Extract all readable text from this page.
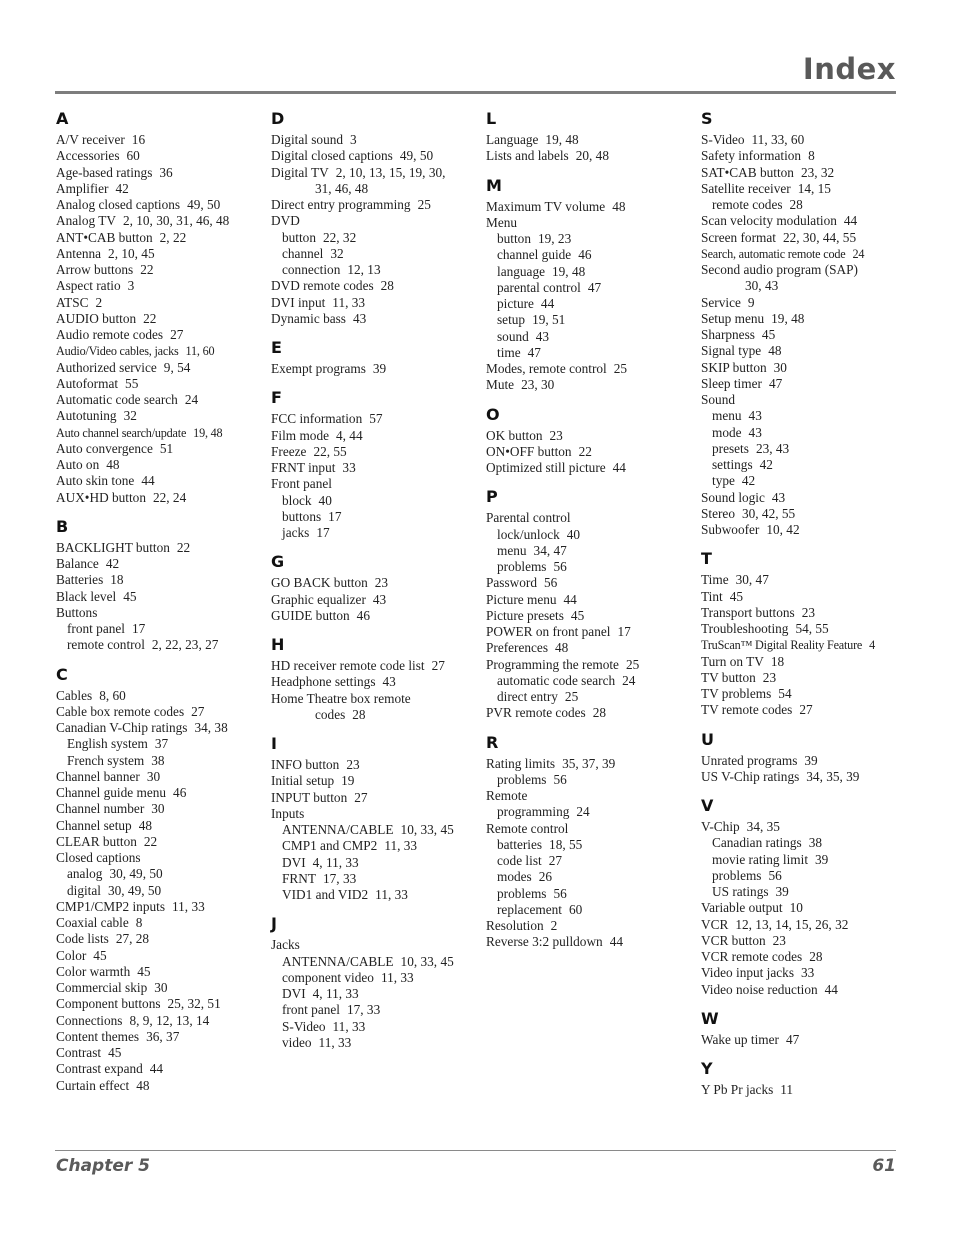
Index
A
A/V receiver 16
Accessories 60
Age-based ratings 36
Amplifier 42
Analog closed captions 49, 50
Analog TV 2, 10, 30, 31, 46, 48
ANT•CAB button 2, 22
Antenna 2, 10, 45
Arrow buttons 22
Aspect ratio 3
ATSC 2
AUDIO button 22
Audio remote codes 27
Audio/Video cables, jacks 11, 60
Authorized service 9, 54
Autoformat 55
Automatic code search 24
Autotuning 32
Auto channel search/update 19, 48
Auto convergence 51
Auto on 48
Auto skin tone 44
AUX•HD button 22, 24
B
BACKLIGHT button 22
Balance 42
Batteries 18
Black level 45
Buttons
front panel 17
remote control 2, 22, 23, 27
C
Cables 8, 60
Cable box remote codes 27
Canadian V-Chip ratings 34, 38
English system 37
French system 38
Channel banner 30
Channel guide menu 46
Channel number 30
Channel setup 48
CLEAR button 22
Closed captions
analog 30, 49, 50
digital 30, 49, 50
CMP1/CMP2 inputs 11, 33
Coaxial cable 8
Code lists 27, 28
Color 45
Color warmth 45
Commercial skip 30
Component buttons 25, 32, 51
Connections 8, 9, 12, 13, 14
Content themes 36, 37
Contrast 45
Contrast expand 44
Curtain effect 48
D
Digital sound 3
Digital closed captions 49, 50
Digital TV 2, 10, 13, 15, 19, 30,
31, 46, 48
Direct entry programming 25
DVD
button 22, 32
channel 32
connection 12, 13
DVD remote codes 28
DVI input 11, 33
Dynamic bass 43
E
Exempt programs 39
F
FCC information 57
Film mode 4, 44
Freeze 22, 55
FRNT input 33
Front panel
block 40
buttons 17
jacks 17
G
GO BACK button 23
Graphic equalizer 43
GUIDE button 46
H
HD receiver remote code list 27
Headphone settings 43
Home Theatre box remote
codes 28
I
INFO button 23
Initial setup 19
INPUT button 27
Inputs
ANTENNA/CABLE 10, 33, 45
CMP1 and CMP2 11, 33
DVI 4, 11, 33
FRNT 17, 33
VID1 and VID2 11, 33
J
Jacks
ANTENNA/CABLE 10, 33, 45
component video 11, 33
DVI 4, 11, 33
front panel 17, 33
S-Video 11, 33
video 11, 33
L
Language 19, 48
Lists and labels 20, 48
M
Maximum TV volume 48
Menu
button 19, 23
channel guide 46
language 19, 48
parental control 47
picture 44
setup 19, 51
sound 43
time 47
Modes, remote control 25
Mute 23, 30
O
OK button 23
ON•OFF button 22
Optimized still picture 44
P
Parental control
lock/unlock 40
menu 34, 47
problems 56
Password 56
Picture menu 44
Picture presets 45
POWER on front panel 17
Preferences 48
Programming the remote 25
automatic code search 24
direct entry 25
PVR remote codes 28
R
Rating limits 35, 37, 39
problems 56
Remote
programming 24
Remote control
batteries 18, 55
code list 27
modes 26
problems 56
replacement 60
Resolution 2
Reverse 3:2 pulldown 44
S
S-Video 11, 33, 60
Safety information 8
SAT•CAB button 23, 32
Satellite receiver 14, 15
remote codes 28
Scan velocity modulation 44
Screen format 22, 30, 44, 55
Search, automatic remote code 24
Second audio program (SAP)
30, 43
Service 9
Setup menu 19, 48
Sharpness 45
Signal type 48
SKIP button 30
Sleep timer 47
Sound
menu 43
mode 43
presets 23, 43
settings 42
type 42
Sound logic 43
Stereo 30, 42, 55
Subwoofer 10, 42
T
Time 30, 47
Tint 45
Transport buttons 23
Troubleshooting 54, 55
TruScan™ Digital Reality Feature 4
Turn on TV 18
TV button 23
TV problems 54
TV remote codes 27
U
Unrated programs 39
US V-Chip ratings 34, 35, 39
V
V-Chip 34, 35
Canadian ratings 38
movie rating limit 39
problems 56
US ratings 39
Variable output 10
VCR 12, 13, 14, 15, 26, 32
VCR button 23
VCR remote codes 28
Video input jacks 33
Video noise reduction 44
W
Wake up timer 47
Y
Y Pb Pr jacks 11
Chapter 5	61
